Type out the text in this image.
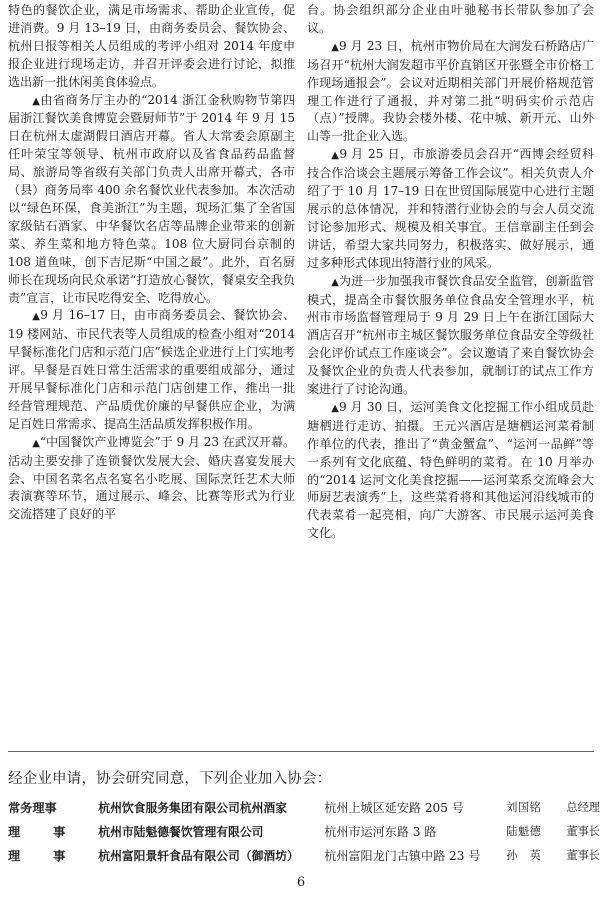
特色的餐饮企业，满足市场需求、帮助企业宣传，促进消费。9 月 13–19 日，由商务委员会、餐饮协会、杭州日报等相关人员组成的考评小组对 2014 年度申报企业进行现场走访，并召开评委会进行讨论，拟推选出新一批休闲美食体验点。

▲由省商务厅主办的“2014 浙江金秋购物节第四届浙江餐饮美食博览会暨厨师节”于 2014 年 9 月 15 日在杭州太虚湖假日酒店开幕。省人大常委会原副主任叶荣宝等领导、杭州市政府以及省食品药品监督局、旅游局等省级有关部门负责人出席开幕式，各市（县）商务局率 400 余名餐饮业代表参加。本次活动以“绿色环保，食美浙江”为主题，现场汇集了全省国家级钻石酒家、中华餐饮名店等品牌企业带来的创新菜、养生菜和地方特色菜。108 位大厨同台京制的 108 道鱼味，创下吉尼斯“中国之最”。此外，百名厨师长在现场向民众承诺“打造放心餐饮，餐桌安全我负责”宣言，让市民吃得安全、吃得放心。

▲9 月 16–17 日，由市商务委员会、餐饮协会、19 楼网站、市民代表等人员组成的检查小组对“2014 早餐标准化门店和示范门店”候选企业进行上门实地考评。早餐是百姓日常生活需求的重要组成部分，通过开展早餐标准化门店和示范门店创建工作，推出一批经营管理规范、产品质优价廉的早餐供应企业，为满足百姓日常需求、提高生活品质发挥积极作用。

▲“中国餐饮产业博览会”于 9 月 23 在武汉开幕。活动主要安排了连锁餐饮发展大会、婚庆喜宴发展大会、中国名菜名点名宴名小吃展、国际烹饪艺术大师表演赛等环节，通过展示、峰会、比赛等形式为行业交流搭建了良好的平

台。协会组织部分企业由叶驰秘书长带队参加了会议。

▲9 月 23 日，杭州市物价局在大润发石桥路店广场召开“杭州大润发超市平价直销区开张暨全市价格工作现场通报会”。会议对近期相关部门开展价格规范管理工作进行了通报，并对第二批“明码实价示范店（点）”授牌。我协会楼外楼、花中城、新开元、山外山等一批企业入选。

▲9 月 25 日，市旅游委员会召开“西博会经贸科技合作洽谈会主题展示筹备工作会议”。相关负责人介绍了于 10 月 17–19 日在世贸国际展览中心进行主题展示的总体情况，并和特潜行业协会的与会人员交流讨论参加形式、规模及相关事宜。王信章副主任到会讲话，希望大家共同努力，积极落实、做好展示，通过多种形式体现出特潜行业的风采。

▲为进一步加强我市餐饮食品安全监管，创新监管模式，提高全市餐饮服务单位食品安全管理水平，杭州市市场监督管理局于 9 月 29 日上午在浙江国际大酒店召开“杭州市主城区餐饮服务单位食品安全等级社会化评价试点工作座谈会”。会议邀请了来自餐饮协会及餐饮企业的负责人代表参加，就制订的试点工作方案进行了讨论沟通。

▲9 月 30 日，运河美食文化挖掘工作小组成员赴塘栖进行走访、拍摄。王元兴酒店是塘栖运河菜肴制作单位的代表，推出了“黄金蟹盒”、“运河一品鲜”等一系列有文化底蕴、特色鲜明的菜肴。在 10 月举办的“2014 运河文化美食挖掘——运河菜系交流峰会大师厨艺表演秀”上，这些菜肴将和其他运河沿线城市的代表菜肴一起亮相，向广大游客、市民展示运河美食文化。

经企业申请，协会研究同意，下列企业加入协会：
常务理事	杭州饮食服务集团有限公司杭州酒家	杭州上城区延安路 205 号	刘国铭	总经理
理事	杭州市陆魁德餐饮管理有限公司	杭州市运河东路 3 路	陆魁德	董事长
理事	杭州富阳景轩食品有限公司（御酒坊）	杭州富阳龙门古镇中路 23 号	孙　英	董事长
6
